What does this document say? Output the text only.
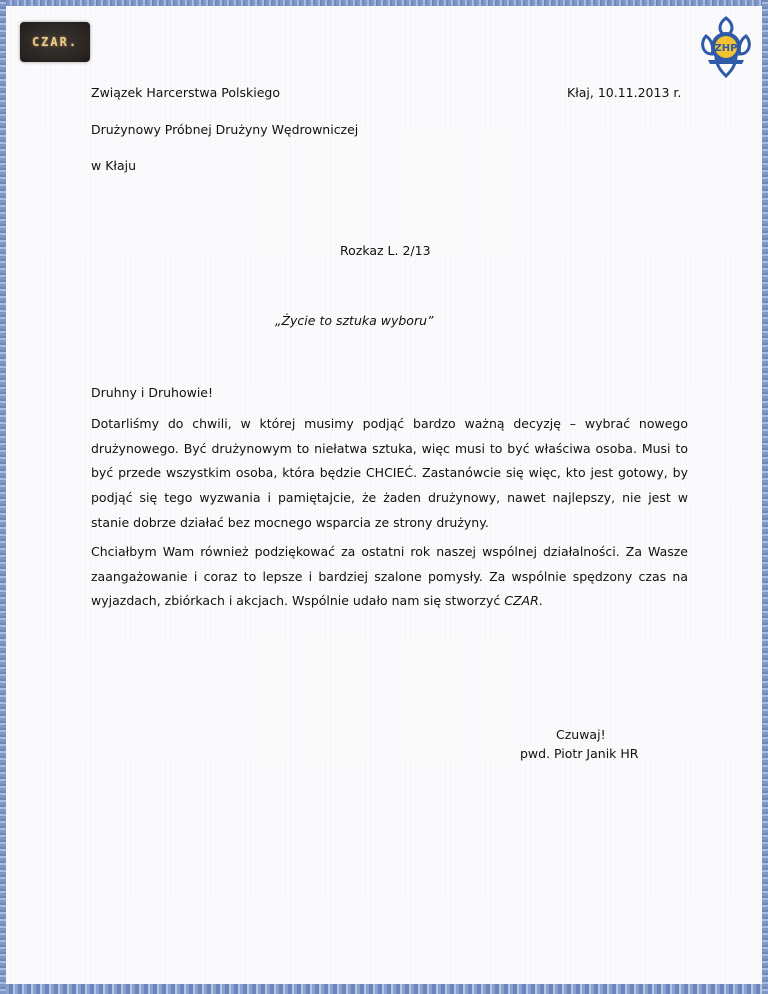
CZAR.	ZHP
Związek Harcerstwa Polskiego	Kłaj, 10.11.2013 r.
Drużynowy Próbnej Drużyny Wędrowniczej
w Kłaju
Rozkaz L. 2/13
„Życie to sztuka wyboru”
Druhny i Druhowie!
Dotarliśmy do chwili, w której musimy podjąć bardzo ważną decyzję – wybrać nowego drużynowego. Być drużynowym to niełatwa sztuka, więc musi to być właściwa osoba. Musi to być przede wszystkim osoba, która będzie CHCIEĆ. Zastanówcie się więc, kto jest gotowy, by podjąć się tego wyzwania i pamiętajcie, że żaden drużynowy, nawet najlepszy, nie jest w stanie dobrze działać bez mocnego wsparcia ze strony drużyny.
Chciałbym Wam również podziękować za ostatni rok naszej wspólnej działalności. Za Wasze zaangażowanie i coraz to lepsze i bardziej szalone pomysły. Za wspólnie spędzony czas na wyjazdach, zbiórkach i akcjach. Wspólnie udało nam się stworzyć CZAR.
Czuwaj!
pwd. Piotr Janik HR
